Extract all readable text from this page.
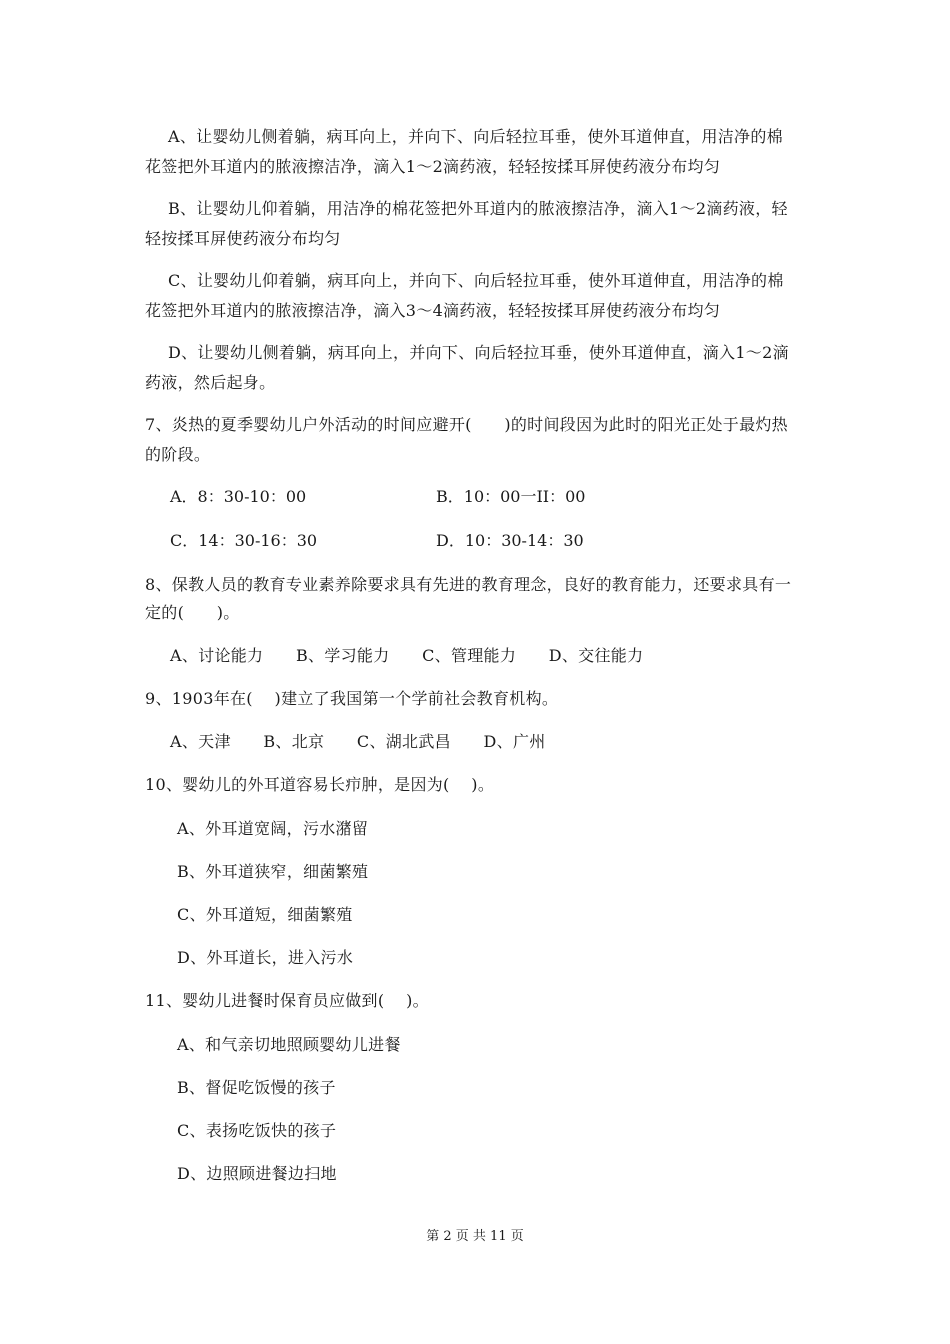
A、让婴幼儿侧着躺，病耳向上，并向下、向后轻拉耳垂，使外耳道伸直，用洁净的棉
花签把外耳道内的脓液擦洁净，滴入1～2滴药液，轻轻按揉耳屏使药液分布均匀
B、让婴幼儿仰着躺，用洁净的棉花签把外耳道内的脓液擦洁净，滴入1～2滴药液，轻
轻按揉耳屏使药液分布均匀
C、让婴幼儿仰着躺，病耳向上，并向下、向后轻拉耳垂，使外耳道伸直，用洁净的棉
花签把外耳道内的脓液擦洁净，滴入3～4滴药液，轻轻按揉耳屏使药液分布均匀
D、让婴幼儿侧着躺，病耳向上，并向下、向后轻拉耳垂，使外耳道伸直，滴入1～2滴
药液，然后起身。
7、炎热的夏季婴幼儿户外活动的时间应避开(　　)的时间段因为此时的阳光正处于最灼热
的阶段。
A．8：30-10：00	B．10：00一II：00
C．14：30-16：30	D．10：30-14：30
8、保教人员的教育专业素养除要求具有先进的教育理念，良好的教育能力，还要求具有一
定的(　　)。
A、讨论能力　　B、学习能力　　C、管理能力　　D、交往能力
9、1903年在(　 )建立了我国第一个学前社会教育机构。
A、天津　　B、北京　　C、湖北武昌　　D、广州
10、婴幼儿的外耳道容易长疖肿，是因为(　 )。
A、外耳道宽阔，污水潴留
B、外耳道狭窄，细菌繁殖
C、外耳道短，细菌繁殖
D、外耳道长，进入污水
11、婴幼儿进餐时保育员应做到(　 )。
A、和气亲切地照顾婴幼儿进餐
B、督促吃饭慢的孩子
C、表扬吃饭快的孩子
D、边照顾进餐边扫地
第 2 页 共 11 页
